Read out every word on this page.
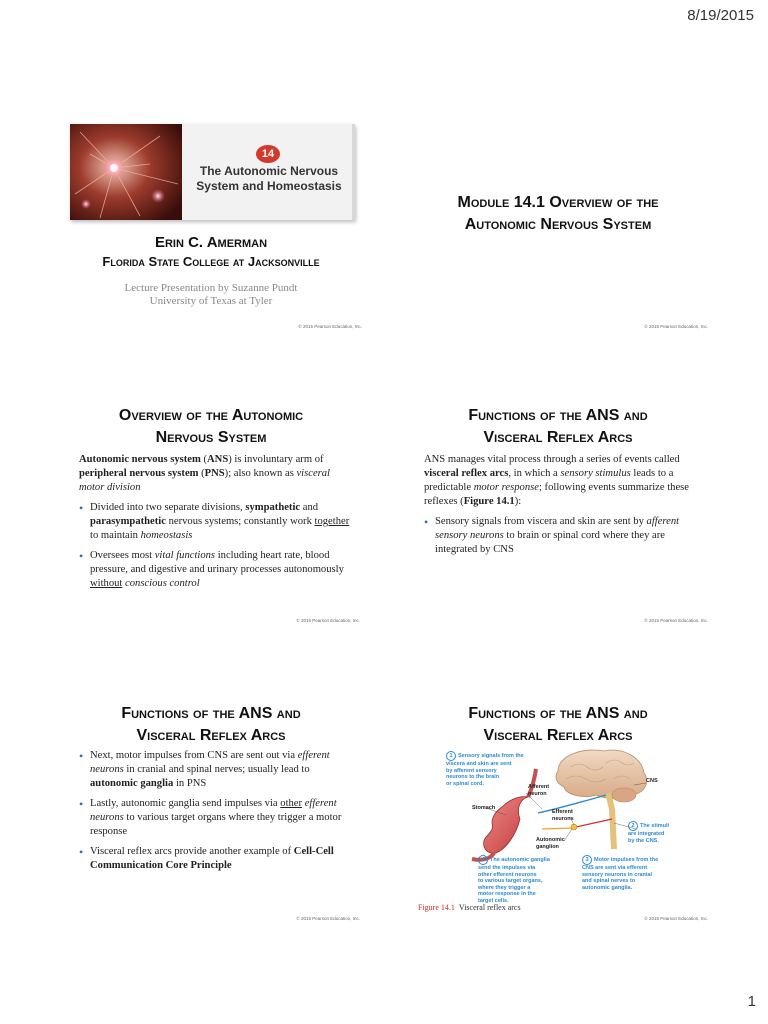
8/19/2015
14
The Autonomic Nervous
System and Homeostasis
Erin C. Amerman
Florida State College at Jacksonville
Lecture Presentation by Suzanne Pundt
University of Texas at Tyler
© 2015 Pearson Education, Inc.
Module 14.1 Overview of the
Autonomic Nervous System
© 2015 Pearson Education, Inc.
Overview of the Autonomic
Nervous System
Autonomic nervous system (ANS) is involuntary arm of peripheral nervous system (PNS); also known as visceral motor division
• Divided into two separate divisions, sympathetic and parasympathetic nervous systems; constantly work together to maintain homeostasis
• Oversees most vital functions including heart rate, blood pressure, and digestive and urinary processes autonomously without conscious control
© 2015 Pearson Education, Inc.
Functions of the ANS and
Visceral Reflex Arcs
ANS manages vital process through a series of events called visceral reflex arcs, in which a sensory stimulus leads to a predictable motor response; following events summarize these reflexes (Figure 14.1):
• Sensory signals from viscera and skin are sent by afferent sensory neurons to brain or spinal cord where they are integrated by CNS
© 2015 Pearson Education, Inc.
Functions of the ANS and
Visceral Reflex Arcs
• Next, motor impulses from CNS are sent out via efferent neurons in cranial and spinal nerves; usually lead to autonomic ganglia in PNS
• Lastly, autonomic ganglia send impulses via other efferent neurons to various target organs where they trigger a motor response
• Visceral reflex arcs provide another example of Cell-Cell Communication Core Principle
© 2015 Pearson Education, Inc.
Functions of the ANS and
Visceral Reflex Arcs
1 Sensory signals from the
viscera and skin are sent
by afferent sensory
neurons to the brain
or spinal cord.
2 The stimuli
are integrated
by the CNS.
3 Motor impulses from the
CNS are sent via efferent
sensory neurons in cranial
and spinal nerves to
autonomic ganglia.
4 The autonomic ganglia
send the impulses via
other efferent neurons
to various target organs,
where they trigger a
motor response in the
target cells.
CNS
Afferent
neuron
Stomach
Efferent
neurons
Autonomic
ganglion
Figure 14.1 Visceral reflex arcs
© 2015 Pearson Education, Inc.
1
